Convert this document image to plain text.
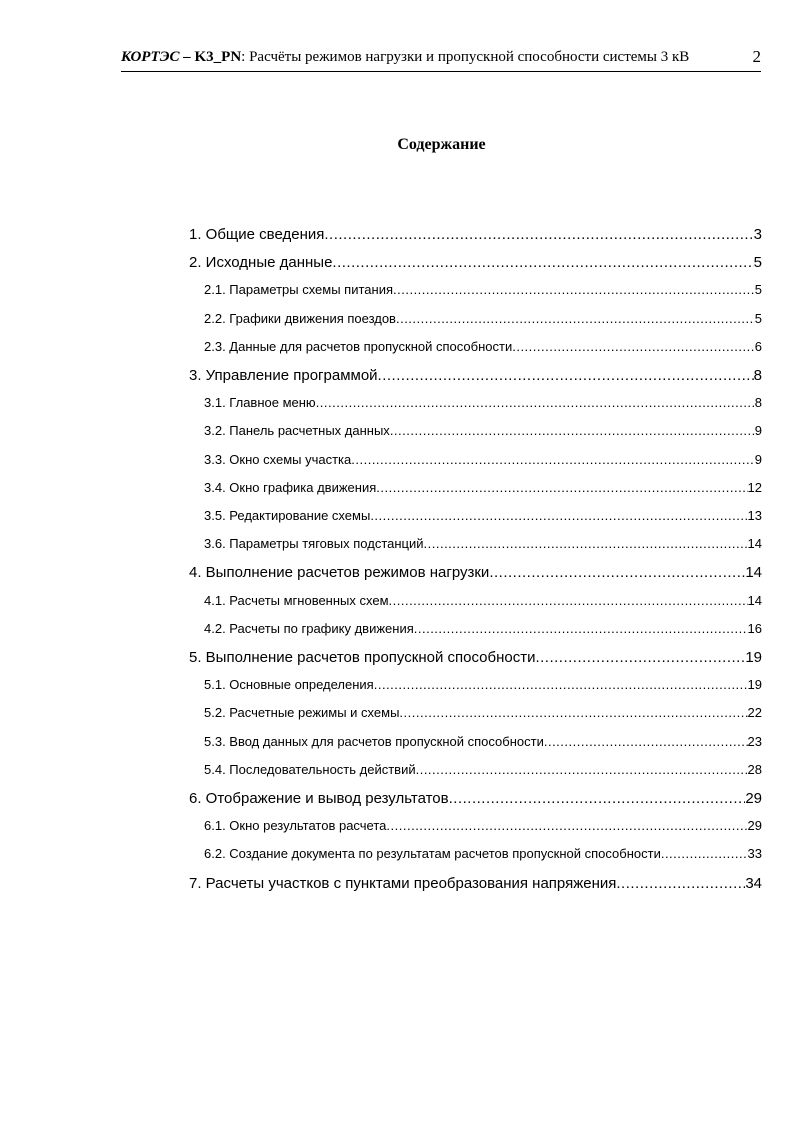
КОРТЭС – K3_PN: Расчёты режимов нагрузки и пропускной способности системы 3 кВ	2
Содержание
1. Общие сведения .....	3
2. Исходные данные .....	5
2.1. Параметры схемы питания .....	5
2.2. Графики движения поездов .....	5
2.3. Данные для расчетов пропускной способности .....	6
3. Управление программой .....	8
3.1. Главное меню .....	8
3.2. Панель расчетных данных .....	9
3.3. Окно схемы участка .....	9
3.4. Окно графика движения .....	12
3.5. Редактирование схемы .....	13
3.6. Параметры тяговых подстанций .....	14
4. Выполнение расчетов режимов нагрузки .....	14
4.1. Расчеты мгновенных схем .....	14
4.2. Расчеты по графику движения .....	16
5. Выполнение расчетов пропускной способности .....	19
5.1. Основные определения .....	19
5.2. Расчетные режимы и схемы .....	22
5.3. Ввод данных для расчетов пропускной способности .....	23
5.4. Последовательность действий .....	28
6. Отображение и вывод результатов .....	29
6.1. Окно результатов расчета .....	29
6.2. Создание документа по результатам расчетов пропускной способности .....	33
7. Расчеты участков с пунктами преобразования напряжения .....	34
